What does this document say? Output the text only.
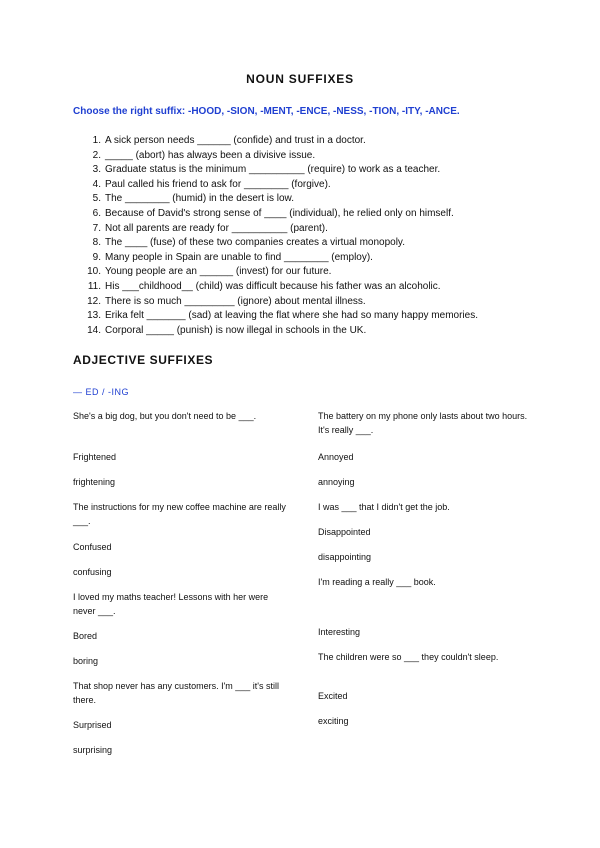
NOUN SUFFIXES
Choose the right suffix: -HOOD, -SION, -MENT, -ENCE, -NESS, -TION, -ITY, -ANCE.
1. A sick person needs ______ (confide) and trust in a doctor.
2. _____ (abort) has always been a divisive issue.
3. Graduate status is the minimum __________ (require) to work as a teacher.
4. Paul called his friend to ask for ________ (forgive).
5. The ________ (humid) in the desert is low.
6. Because of David's strong sense of ____ (individual), he relied only on himself.
7. Not all parents are ready for __________ (parent).
8. The ____ (fuse) of these two companies creates a virtual monopoly.
9. Many people in Spain are unable to find ________ (employ).
10. Young people are an ______ (invest) for our future.
11. His ___childhood__ (child) was difficult because his father was an alcoholic.
12. There is so much _________ (ignore) about mental illness.
13. Erika felt _______ (sad) at leaving the flat where she had so many happy memories.
14. Corporal _____ (punish) is now illegal in schools in the UK.
ADJECTIVE SUFFIXES
— ED / -ING
She's a big dog, but you don't need to be ___.
Frightened
frightening
The instructions for my new coffee machine are really ___.
Confused
confusing
I loved my maths teacher! Lessons with her were never ___.
Bored
boring
That shop never has any customers. I'm ___ it's still there.
Surprised
surprising
The battery on my phone only lasts about two hours. It's really ___.
Annoyed
annoying
I was ___ that I didn't get the job.
Disappointed
disappointing
I'm reading a really ___ book.
Interesting
The children were so ___ they couldn't sleep.
Excited
exciting
